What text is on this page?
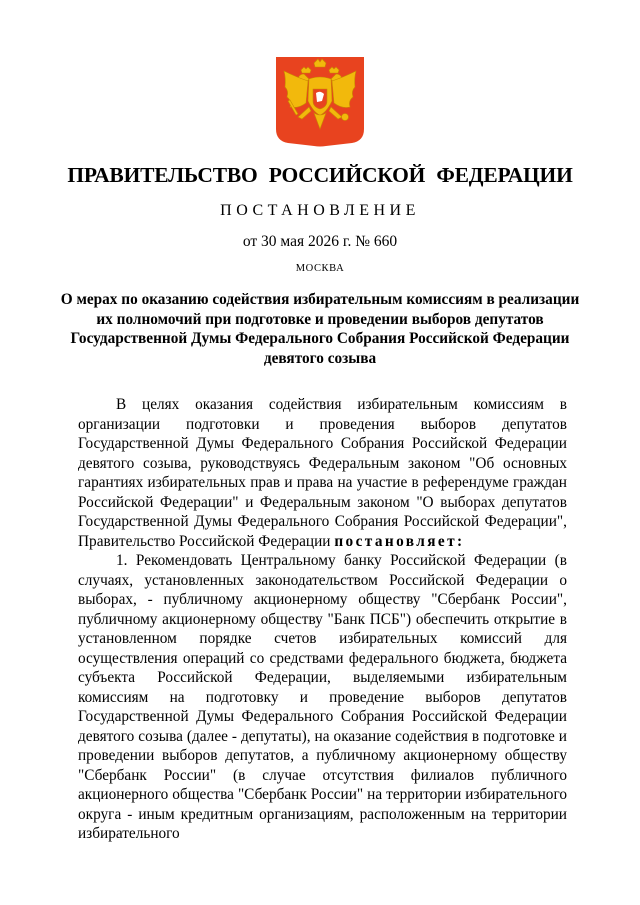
ПРАВИТЕЛЬСТВО РОССИЙСКОЙ ФЕДЕРАЦИИ
ПОСТАНОВЛЕНИЕ
от 30 мая 2026 г. № 660
МОСКВА
О мерах по оказанию содействия избирательным комиссиям в реализации их полномочий при подготовке и проведении выборов депутатов Государственной Думы Федерального Собрания Российской Федерации девятого созыва

В целях оказания содействия избирательным комиссиям в организации подготовки и проведения выборов депутатов Государственной Думы Федерального Собрания Российской Федерации девятого созыва, руководствуясь Федеральным законом "Об основных гарантиях избирательных прав и права на участие в референдуме граждан Российской Федерации" и Федеральным законом "О выборах депутатов Государственной Думы Федерального Собрания Российской Федерации", Правительство Российской Федерации постановляет:

1. Рекомендовать Центральному банку Российской Федерации (в случаях, установленных законодательством Российской Федерации о выборах, - публичному акционерному обществу "Сбербанк России", публичному акционерному обществу "Банк ПСБ") обеспечить открытие в установленном порядке счетов избирательных комиссий для осуществления операций со средствами федерального бюджета, бюджета субъекта Российской Федерации, выделяемыми избирательным комиссиям на подготовку и проведение выборов депутатов Государственной Думы Федерального Собрания Российской Федерации девятого созыва (далее - депутаты), на оказание содействия в подготовке и проведении выборов депутатов, а публичному акционерному обществу "Сбербанк России" (в случае отсутствия филиалов публичного акционерного общества "Сбербанк России" на территории избирательного округа - иным кредитным организациям, расположенным на территории избирательного
